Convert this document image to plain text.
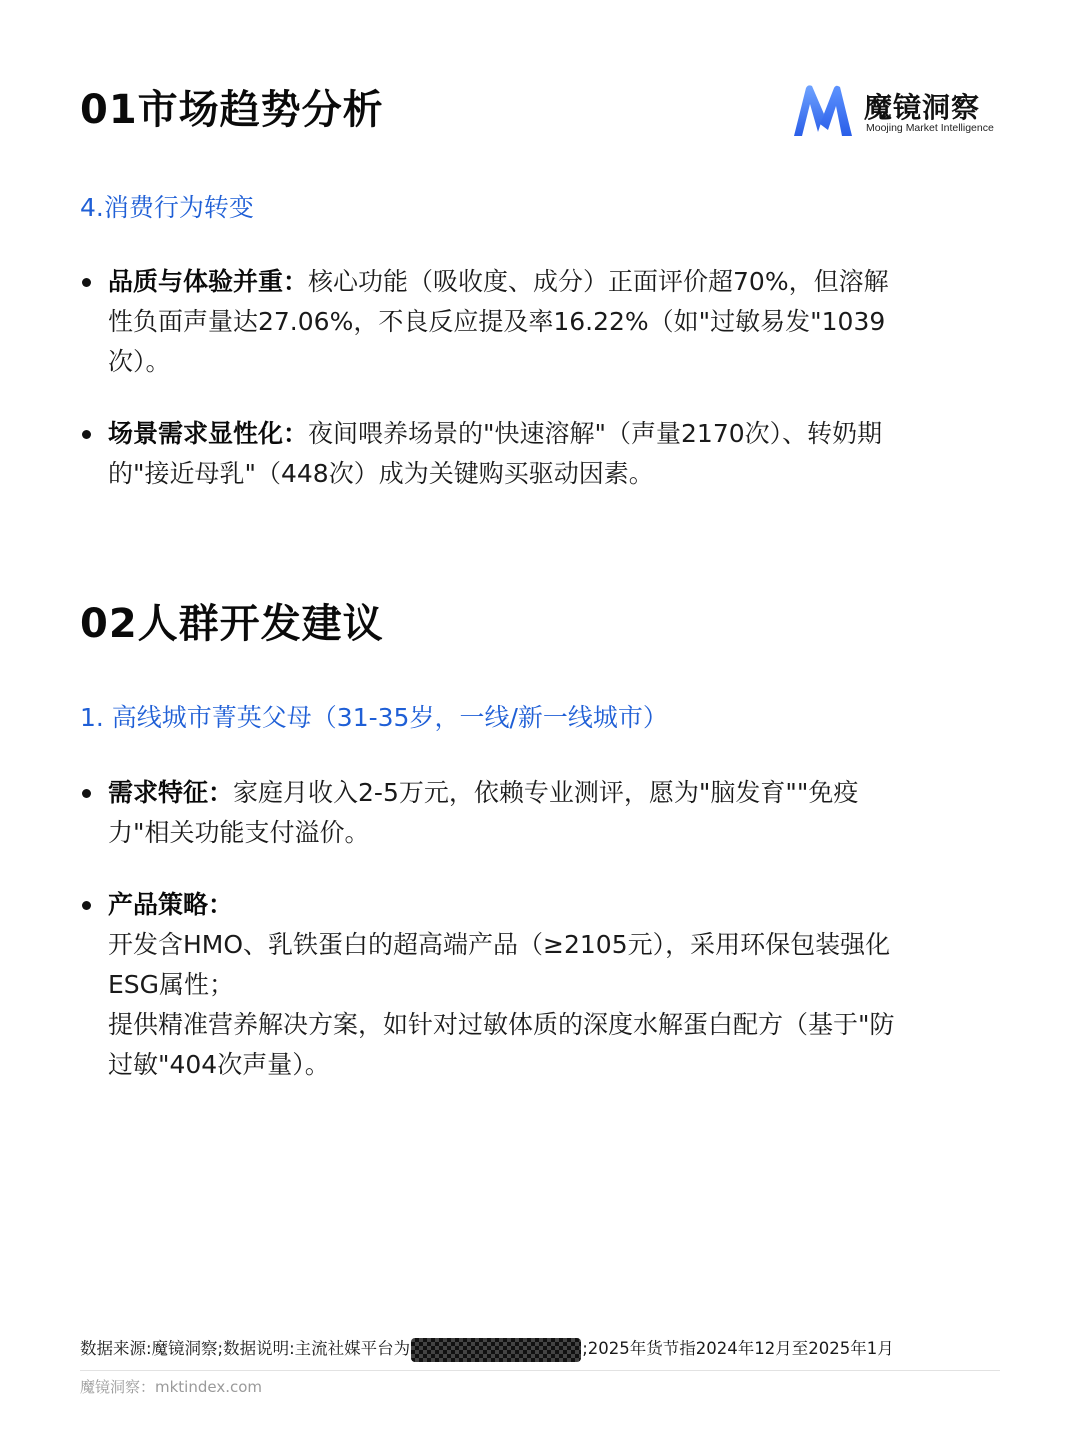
01市场趋势分析	魔镜洞察
Moojing Market Intelligence
4.消费行为转变
品质与体验并重：核心功能（吸收度、成分）正面评价超70%，但溶解
性负面声量达27.06%，不良反应提及率16.22%（如"过敏易发"1039
次）。
场景需求显性化：夜间喂养场景的"快速溶解"（声量2170次）、转奶期
的"接近母乳"（448次）成为关键购买驱动因素。
02人群开发建议
1. 高线城市菁英父母（31-35岁，一线/新一线城市）
需求特征：家庭月收入2-5万元，依赖专业测评，愿为"脑发育""免疫
力"相关功能支付溢价。
产品策略：
开发含HMO、乳铁蛋白的超高端产品（≥2105元），采用环保包装强化
ESG属性；
提供精准营养解决方案，如针对过敏体质的深度水解蛋白配方（基于"防
过敏"404次声量）。
数据来源:魔镜洞察;数据说明:主流社媒平台为	;2025年货节指2024年12月至2025年1月
魔镜洞察：mktindex.com
